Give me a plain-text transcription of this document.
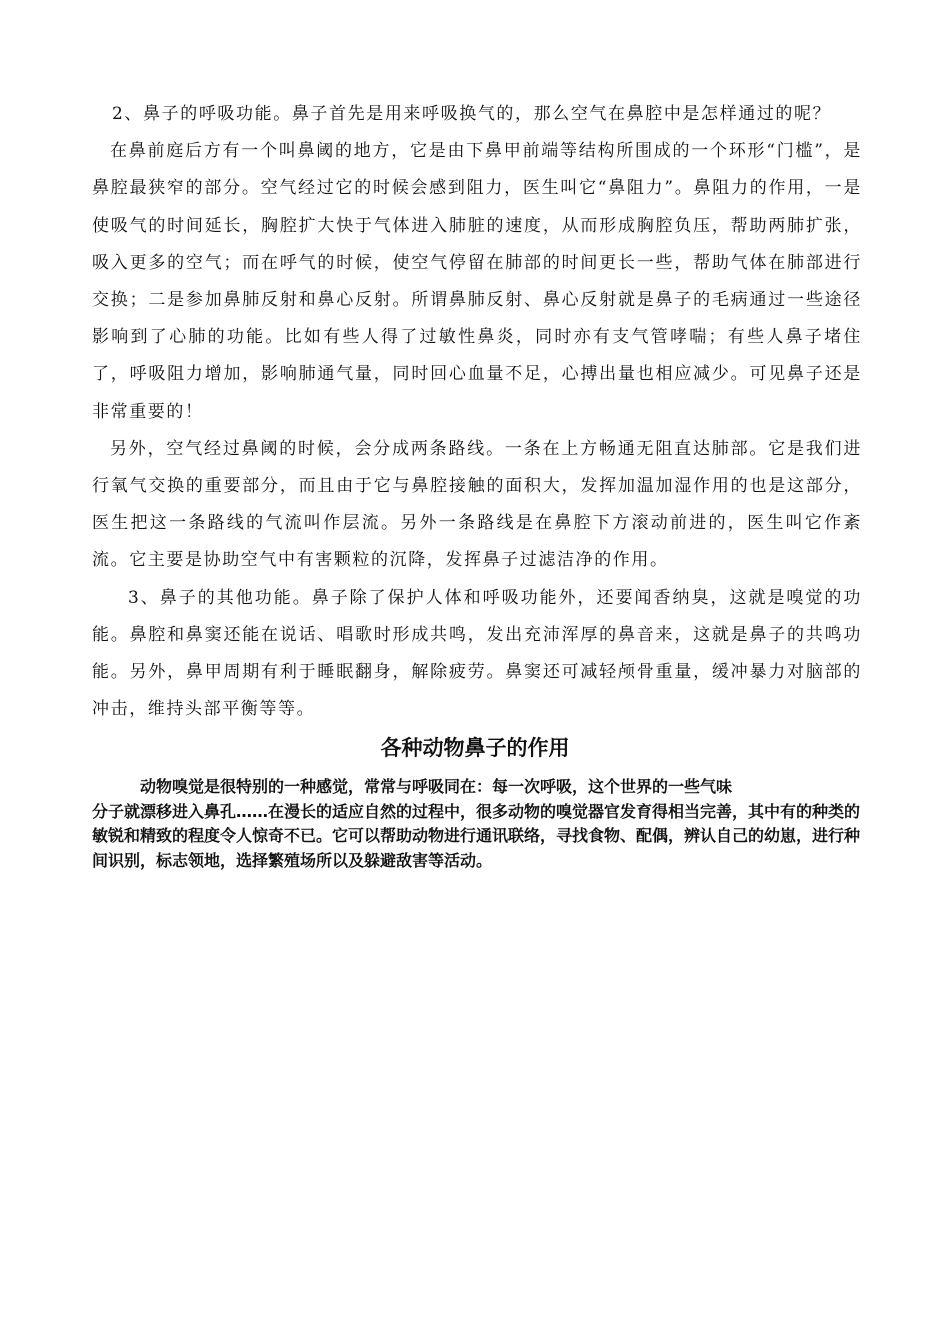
2、鼻子的呼吸功能。鼻子首先是用来呼吸换气的，那么空气在鼻腔中是怎样通过的呢？

在鼻前庭后方有一个叫鼻阈的地方，它是由下鼻甲前端等结构所围成的一个环形“门槛”，是鼻腔最狭窄的部分。空气经过它的时候会感到阻力，医生叫它“鼻阻力”。鼻阻力的作用，一是使吸气的时间延长，胸腔扩大快于气体进入肺脏的速度，从而形成胸腔负压，帮助两肺扩张，吸入更多的空气；而在呼气的时候，使空气停留在肺部的时间更长一些，帮助气体在肺部进行交换；二是参加鼻肺反射和鼻心反射。所谓鼻肺反射、鼻心反射就是鼻子的毛病通过一些途径影响到了心肺的功能。比如有些人得了过敏性鼻炎，同时亦有支气管哮喘；有些人鼻子堵住了，呼吸阻力增加，影响肺通气量，同时回心血量不足，心搏出量也相应减少。可见鼻子还是非常重要的！

另外，空气经过鼻阈的时候，会分成两条路线。一条在上方畅通无阻直达肺部。它是我们进行氧气交换的重要部分，而且由于它与鼻腔接触的面积大，发挥加温加湿作用的也是这部分，医生把这一条路线的气流叫作层流。另外一条路线是在鼻腔下方滚动前进的，医生叫它作紊流。它主要是协助空气中有害颗粒的沉降，发挥鼻子过滤洁净的作用。

3、鼻子的其他功能。鼻子除了保护人体和呼吸功能外，还要闻香纳臭，这就是嗅觉的功能。鼻腔和鼻窦还能在说话、唱歌时形成共鸣，发出充沛浑厚的鼻音来，这就是鼻子的共鸣功能。另外，鼻甲周期有利于睡眠翻身，解除疲劳。鼻窦还可减轻颅骨重量，缓冲暴力对脑部的冲击，维持头部平衡等等。

各种动物鼻子的作用

动物嗅觉是很特别的一种感觉，常常与呼吸同在：每一次呼吸，这个世界的一些气味

分子就漂移进入鼻孔……在漫长的适应自然的过程中，很多动物的嗅觉器官发育得相当完善，其中有的种类的敏锐和精致的程度令人惊奇不已。它可以帮助动物进行通讯联络，寻找食物、配偶，辨认自己的幼崽，进行种间识别，标志领地，选择繁殖场所以及躲避敌害等活动。
